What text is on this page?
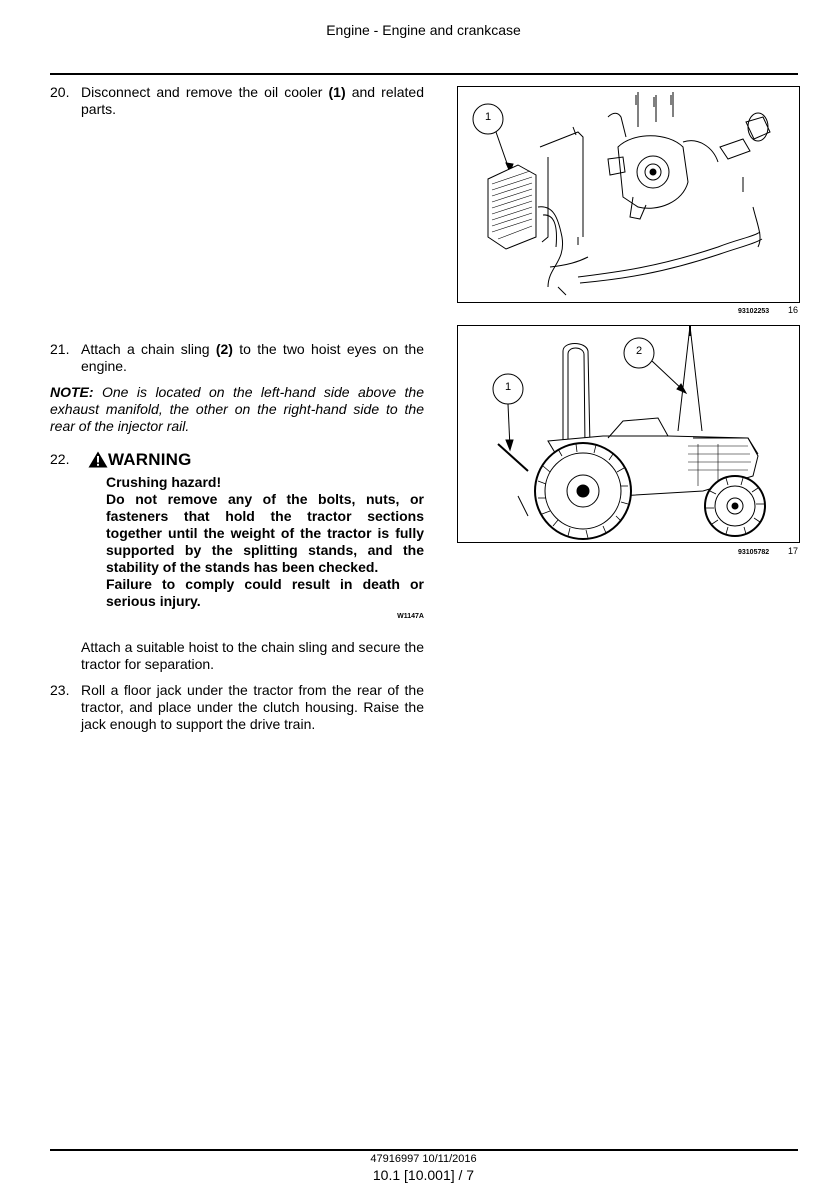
Engine - Engine and crankcase
20. Disconnect and remove the oil cooler (1) and related parts.
21. Attach a chain sling (2) to the two hoist eyes on the engine.
NOTE: One is located on the left-hand side above the exhaust manifold, the other on the right-hand side to the rear of the injector rail.
22.	WARNING
Crushing hazard!
Do not remove any of the bolts, nuts, or fasteners that hold the tractor sections together until the weight of the tractor is fully supported by the splitting stands, and the stability of the stands has been checked.
Failure to comply could result in death or serious injury.
W1147A
Attach a suitable hoist to the chain sling and secure the tractor for separation.
23. Roll a floor jack under the tractor from the rear of the tractor, and place under the clutch housing. Raise the jack enough to support the drive train.
93102253 16
93105782 17
1
1
2
47916997 10/11/2016
10.1 [10.001] / 7
